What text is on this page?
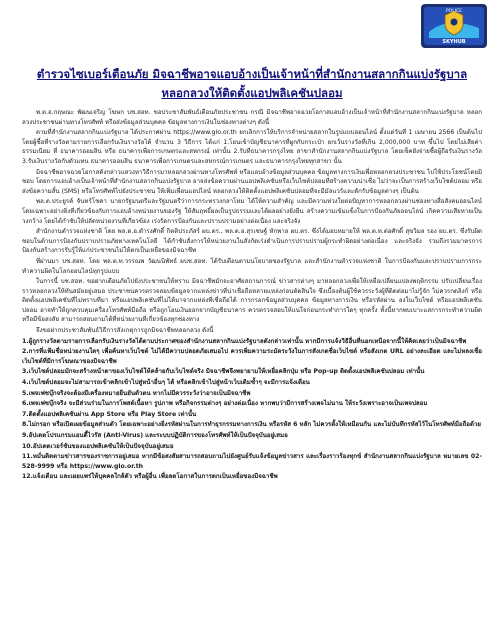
POLICE
SKYHUB
ตำรวจไซเบอร์เตือนภัย มิจฉาชีพอาจแอบอ้างเป็นเจ้าหน้าที่สำนักงานสลากกินแบ่งรัฐบาล
หลอกลวงให้ติดตั้งแอปพลิเคชันปลอม

พ.ต.อ.กฤษณะ พัฒนเจริญ โฆษก บช.สอท. ขอประชาสัมพันธ์เตือนภัยประชาชน กรณี มิจฉาชีพอาจฉวยโอกาสแอบอ้างเป็นเจ้าหน้าที่สำนักงานสลากกินแบ่งรัฐบาล หลอกลวงประชาชนผ่านทางโทรศัพท์ หรือส่งข้อมูลส่วนบุคคล ข้อมูลทางการเงินในช่องทางต่างๆ ดังนี้

ตามที่สำนักงานสลากกินแบ่งรัฐบาล ได้ประกาศผ่าน https://www.glo.or.th ยกเลิกการให้บริการจำหน่ายสลากในรูปแบบออนไลน์ ตั้งแต่วันที่ 1 เมษายน 2566 เป็นต้นไป โดยผู้ซื้อที่รางวัลตามรายการเลือกรับเงินรางวัลได้ จำนวน 3 วิธีการ ได้แก่ 1.โอนเข้าบัญชีธนาคารที่ผูกกับกระเป๋า ยกเว้นรางวัลที่เกิน 2,000,000 บาท ขึ้นไป โดยไม่เสียค่าธรรมเนียม ที่ ธนาคารออมสิน หรือ ธนาคารเพื่อการเกษตรและสหกรณ์ เท่านั้น 2.รับที่ธนาคารกรุงไทย สาขาสำนักงานสลากกินแบ่งรัฐบาล โดยเช็คยังจ่ายซื้อผู้ถือรับเงินรางวัล 3.รับเงินรางวัลกับตัวแทน ธนาคารออมสิน ธนาคารเพื่อการเกษตรและสหกรณ์การเกษตร และธนาคารกรุงไทยทุกสาขา นั้น

มิจฉาชีพอาจฉวยโอกาสดังกล่าวแสวงหาวิธีการมาหลอกลวงผ่านทางโทรศัพท์ หรือแอบอ้างข้อมูลส่วนบุคคล ข้อมูลทางการเงินเพื่อหลอกลวงประชาชน ไปใช้ประโยชน์โดยมิชอบ โดยการแอบอ้างเป็นเจ้าหน้าที่สำนักงานสลากกินแบ่งรัฐบาล อาจส่งข้อความผ่านแอปพลิเคชันหรือเว็บไซต์ปลอมที่สร้างความน่าเชื่อ ไม่ว่าจะเป็นการสร้างเว็บไซต์ปลอม หรือส่งข้อความสั้น (SMS) หรือโทรศัพท์ไปยังประชาชน ให้เพิ่มเพื่อนแอปไลน์ หลอกลวงให้ติดตั้งแอปพลิเคชันปลอมที่จะมีมัลแวร์และดักรับข้อมูลต่างๆ เป็นต้น

พล.ต.ประยูรค์ จันทร์โชคา นายกรัฐมนตรีและรัฐมนตรีว่าการกระทรวงกลาโหม ได้ให้ความสำคัญ และมีความห่วงใยต่อปัญหาการหลอกลวงผ่านช่องทางสื่อสังคมออนไลน์ โดยเฉพาะอย่างยิ่งที่เกี่ยวข้องกับการแอบอ้างหน่วยงานของรัฐ ให้สัมฤทธิ์ผลเป็นรูปธรรมและได้ผลอย่างยั่งยืน สร้างความเข้มแข็งในการป้องกันภัยออนไลน์ เกิดความเสียหายเป็นวงกว้าง โดยได้กำชับให้ปลัดหน่วยงานที่เกี่ยวข้อง เร่งรัดการป้องกันและปราบปรามอย่างต่อเนื่อง และจริงจัง

สำนักงานตำรวจแห่งชาติ โดย พล.ต.อ.ดำรงศักดิ์ กิตติประภัสร์ ผบ.ตร., พล.ต.อ.สุรเชษฐ์ หักพาล ผบ.ตร. ซึ่งได้มอบหมายให้ พล.ต.ท.ต่อศักดิ์ สุขวิมล รอง ผบ.ตร. ซึ่งรับผิดชอบในด้านการป้องกันปราบปรามภัยทางเทคโนโลยี ได้กำชับสั่งการให้หน่วยงานในสังกัดเร่งดำเนินการปราบปรามผู้กระทำผิดอย่างต่อเนื่อง และจริงจัง รวมถึงรวมมาตรการป้องกันสร้างการรับรู้ให้แก่ประชาชนไม่ให้ตกเป็นเหยื่อของมิจฉาชีพ

ที่ผ่านมา บช.สอท. โดย พล.ต.ท.วรรณพ วัฒนนิพัทธ์ ผบช.สอท. ได้รับเตือนตามนโยบายของรัฐบาล และสำนักงานตำรวจแห่งชาติ ในการป้องกันและปราบปรามการกระทำความผิดในโลกออนไลน์ทุกรูปแบบ

ในการนี้ บช.สอท. ขอฝากเตือนภัยไปยังประชาชนให้ทราบ มิจฉาชีพมักจะอาศัยสถานการณ์ ข่าวสารต่างๆ มาหลอกลวงเพื่อให้เหยื่อเปลี่ยนแปลงพฤติกรรม ปรับเปลี่ยนเรื่องราวหลอกลวงให้ทันสมัยอยู่เสมอ ประชาชนควรตรวจสอบข้อมูลจากแหล่งข่าวที่น่าเชื่อถือหลายแหล่งก่อนตัดสินใจ ซึ่งเบื้องต้นผู้ใช้ควรระวังผู้ที่ติดต่อมาไม่รู้จัก ไม่ควรกดลิงก์ หรือติดตั้งแอปพลิเคชันที่ไม่ทราบที่มา หรือแอปพลิเคชันที่ไม่ได้มาจากแหล่งที่เชื่อถือได้ การกรอกข้อมูลส่วนบุคคล ข้อมูลทางการเงิน หรือรหัสผ่าน ลงในเว็บไซต์ หรือแอปพลิเคชันปลอม อาจทำให้ถูกควบคุมเครื่องโทรศัพท์มือถือ หรือถูกโอนเงินออกจากบัญชีธนาคาร ควรตรวจสอบให้แน่ใจก่อนกระทำการใดๆ ทุกครั้ง ทั้งนี้หากพบเบาะแสการกระทำความผิด หรือมีข้อสงสัย สามารถสอบถามได้ที่หน่วยงานที่เกี่ยวข้องทุกช่องทาง

จึงขอฝากประชาสัมพันธ์วิธีการสังเกตุการถูกมิจฉาชีพหลอกลวง ดังนี้

1.ผู้ถูกรางวัลตามรายการเลือกรับเงินรางวัลได้ตามประกาศของสำนักงานสลากกินแบ่งรัฐบาลดังกล่าวเท่านั้น หากมีการแจ้งวิธีอื่นที่นอกเหนือจากนี้ให้คิดเลยว่าเป็นมิจฉาชีพ
2.การที่แฟ้มชื่อหน่วยงานใดๆ เพื่อค้นหาเว็บไซต์ ไม่ได้มีความปลอดภัยเสมอไป ควรเพิ่มความระมัดระวังในการสังเกตชื่อเว็บไซต์ หรือสังเกต URL อย่างละเอียด และไม่หลงเชื่อเว็บไซต์ที่มีการโฆษณาของมิจฉาชีพ
3.เว็บไซต์ปลอมมักจะสร้างหน้าตาของเว็บไซต์ให้คล้ายกับเว็บไซต์จริง มิจฉาชีพจึงพยายามให้เหยื่อคลิกปุ่ม หรือ Pop-up ติดตั้งแอปพลิเคชันปลอม เท่านั้น
4.เว็บไซต์ปลอมจะไม่สามารถเข้าคลิกเข้าไปสู่หน้าอื่นๆ ได้ หรือคลิกเข้าไปสู่หน้าเว็บเดิมซ้ำๆ จะมีการแจ้งเตือน
5.เพจเฟซบุ๊กจริงจะต้องมีเครื่องหมายยืนยันตัวตน หากไม่มีควรระวังว่าอาจเป็นมิจฉาชีพ
6.เพจเฟซบุ๊กจริง จะมีส่วนร่วมในการโพสต์เนื้อหา รูปภาพ หรือกิจกรรมต่างๆ อย่างต่อเนื่อง หากพบว่ามีการสร้างเพจไม่นาน ให้ระวังเพราะอาจเป็นเพจปลอม
7.ติดตั้งแอปพลิเคชันผ่าน App Store หรือ Play Store เท่านั้น
8.ไม่กรอก หรือเปิดเผยข้อมูลส่วนตัว โดยเฉพาะอย่างยิ่งรหัสผ่านในการทำธุรกรรมทางการเงิน หรือรหัส 6 หลัก ไม่ควรตั้งให้เหมือนกัน และไม่บันทึกรหัสไว้ในโทรศัพท์มือถือด้วย
9.อัปเดตโปรแกรมแอนตี้ไวรัส (Anti-Virus) และระบบปฏิบัติการของโทรศัพท์ให้เป็นปัจจุบันอยู่เสมอ
10.อัปเดตเวอร์ชันของแอปพลิเคชันให้เป็นปัจจุบันอยู่เสมอ
11.หมั่นติดตามข่าวสารของราชการอยู่เสมอ หากมีข้อสงสัยสามารถสอบถามไปยังศูนย์รับแจ้งข้อมูลข่าวสาร และเรื่องราวร้องทุกข์ สำนักงานสลากกินแบ่งรัฐบาล หมายเลข 02-528-9999 หรือ https://www.glo.or.th
12.แจ้งเตือน และเผยแพร่ให้บุคคลใกล้ตัว หรือผู้อื่น เพื่อลดโอกาสในการตกเป็นเหยื่อของมิจฉาชีพ
